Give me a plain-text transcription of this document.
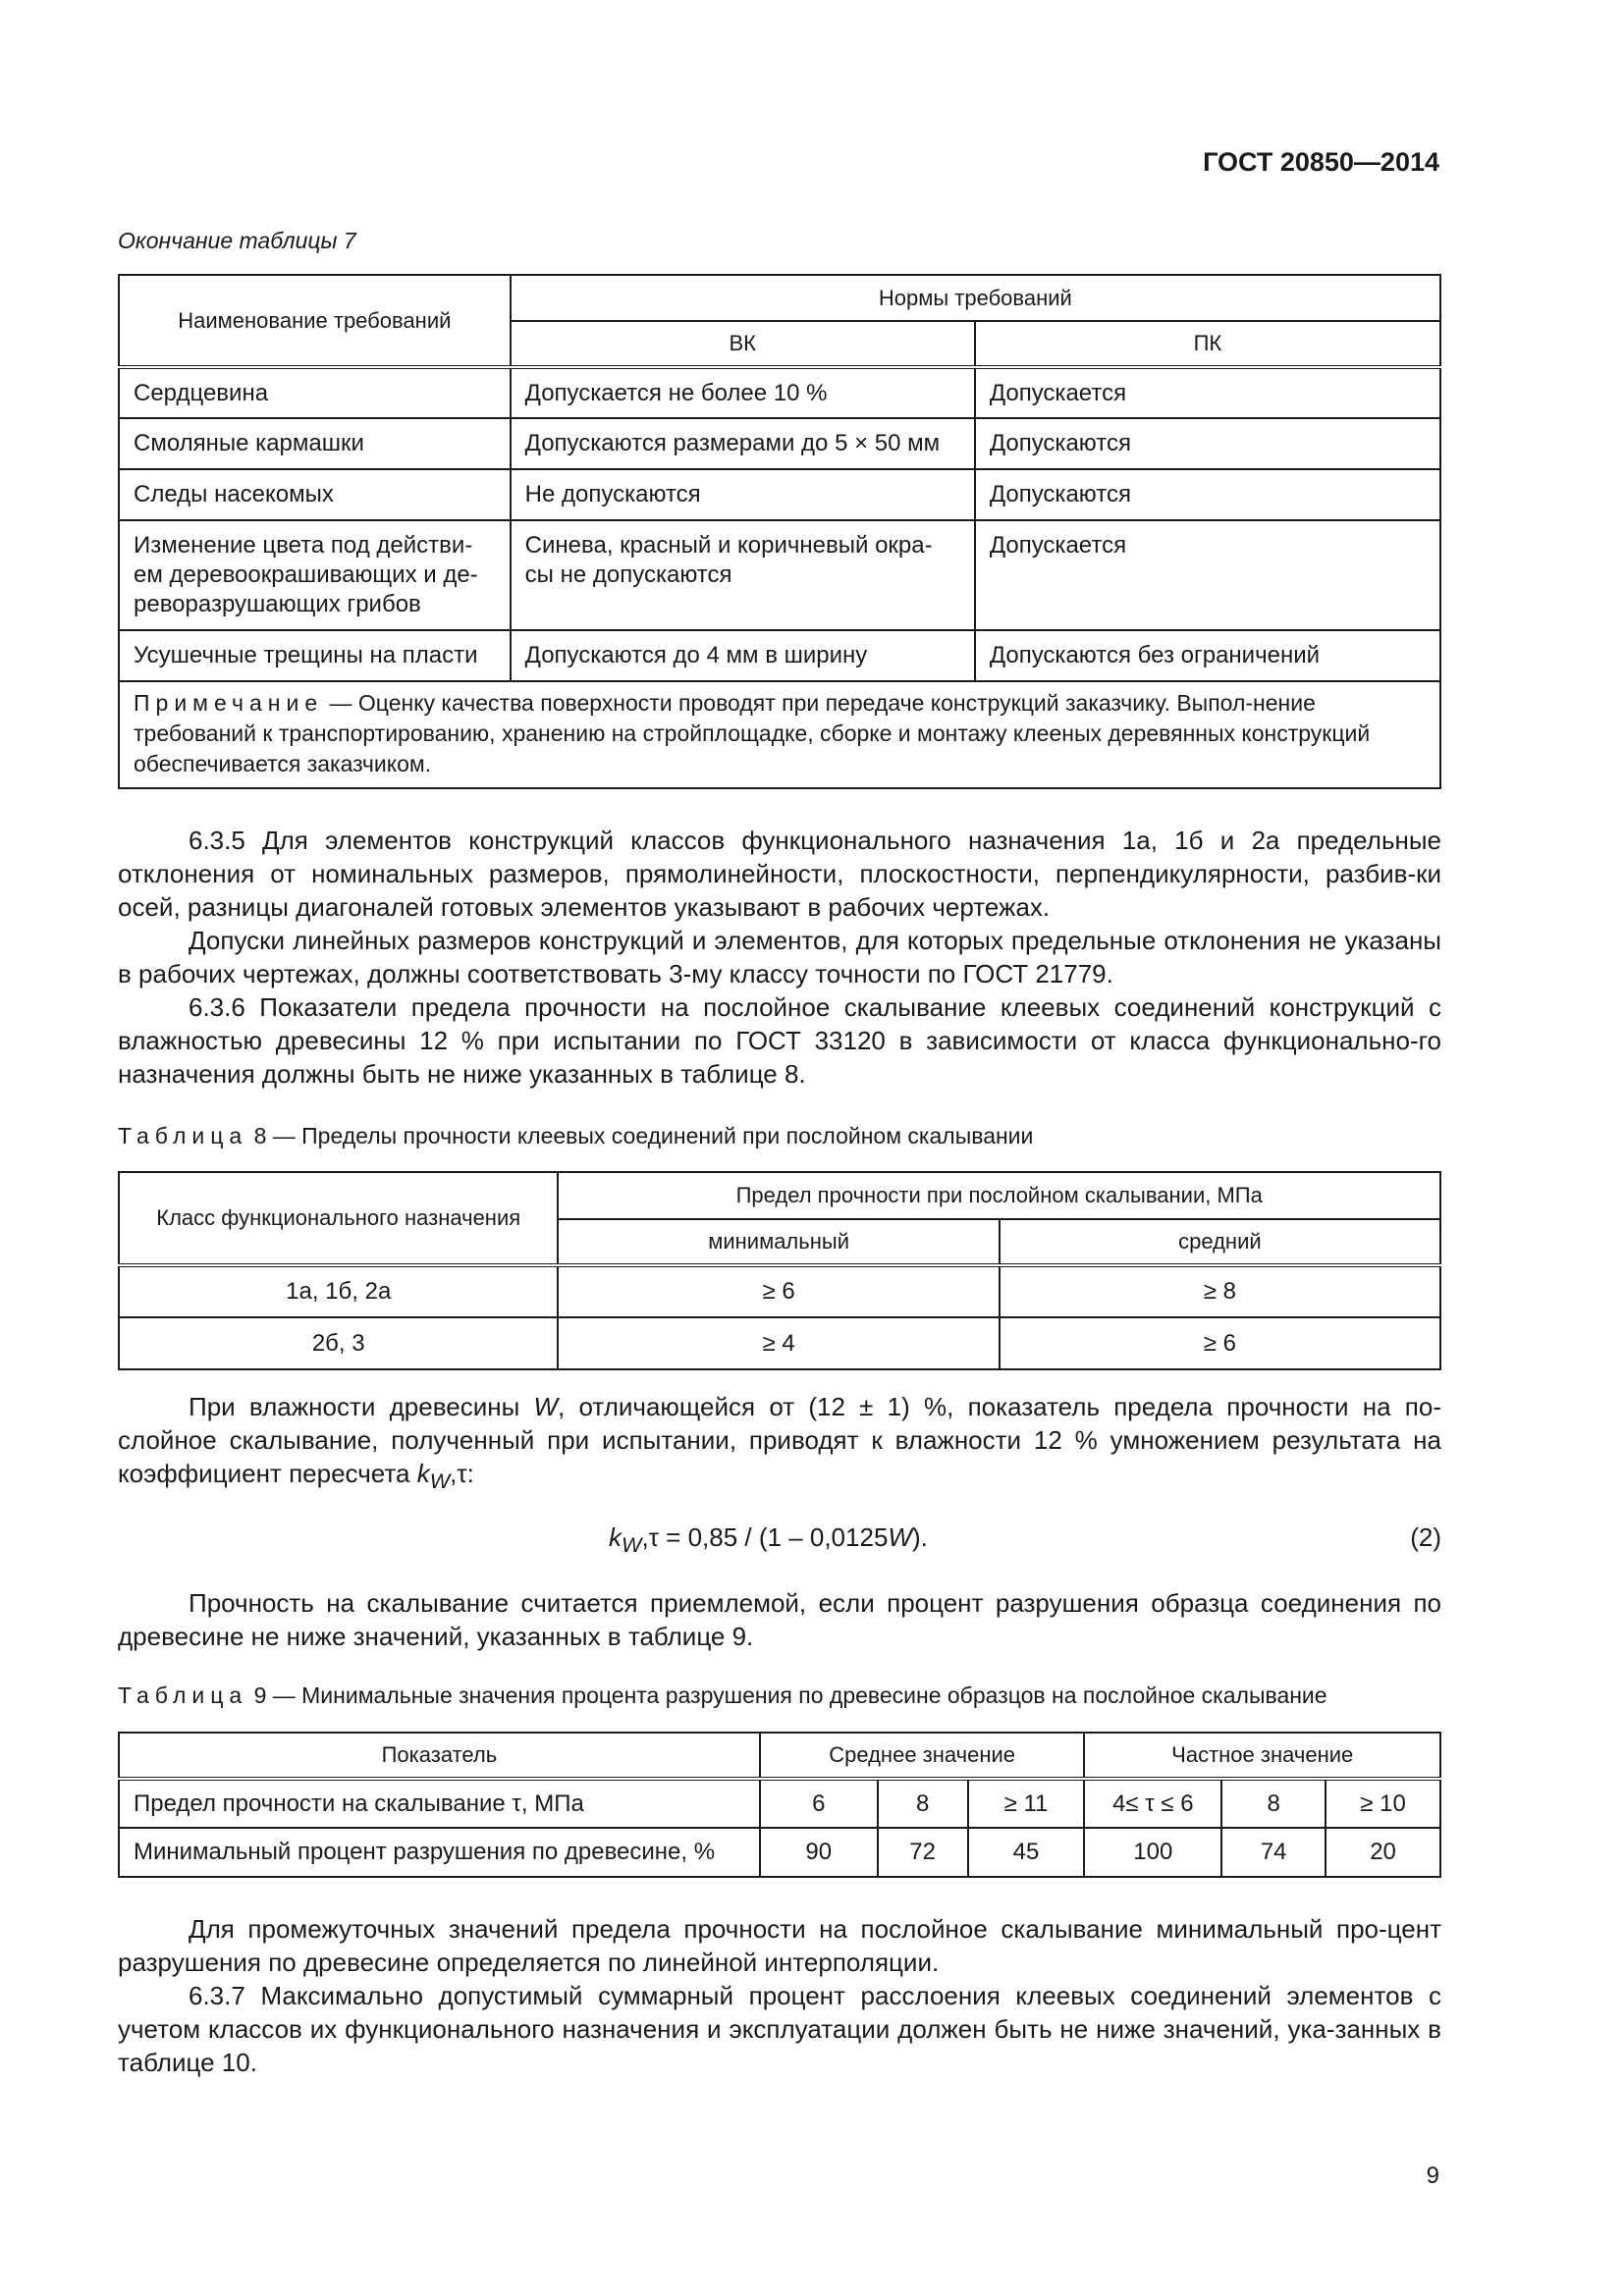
ГОСТ 20850—2014
Окончание таблицы 7
Наименование требований	Нормы требований	
	ВК	ПК
Сердцевина	Допускается не более 10 %	Допускается
Смоляные кармашки	Допускаются размерами до 5 × 50 мм	Допускаются
Следы насекомых	Не допускаются	Допускаются
Изменение цвета под действи-ем деревоокрашивающих и де-реворазрушающих грибов	Синева, красный и коричневый окра-сы не допускаются	Допускается
Усушечные трещины на пласти	Допускаются до 4 мм в ширину	Допускаются без ограничений
Примечание — Оценку качества поверхности проводят при передаче конструкций заказчику. Выпол-нение требований к транспортированию, хранению на стройплощадке, сборке и монтажу клееных деревянных конструкций обеспечивается заказчиком.		

6.3.5 Для элементов конструкций классов функционального назначения 1а, 1б и 2а предельные отклонения от номинальных размеров, прямолинейности, плоскостности, перпендикулярности, разбив-ки осей, разницы диагоналей готовых элементов указывают в рабочих чертежах.

Допуски линейных размеров конструкций и элементов, для которых предельные отклонения не указаны в рабочих чертежах, должны соответствовать 3-му классу точности по ГОСТ 21779.

6.3.6 Показатели предела прочности на послойное скалывание клеевых соединений конструкций с влажностью древесины 12 % при испытании по ГОСТ 33120 в зависимости от класса функционально-го назначения должны быть не ниже указанных в таблице 8.

Таблица 8 — Пределы прочности клеевых соединений при послойном скалывании
Класс функционального назначения	Предел прочности при послойном скалывании, МПа	
	минимальный	средний
1а, 1б, 2а	≥ 6	≥ 8
2б, 3	≥ 4	≥ 6

При влажности древесины W, отличающейся от (12 ± 1) %, показатель предела прочности на по-слойное скалывание, полученный при испытании, приводят к влажности 12 % умножением результата на коэффициент пересчета $k_W,\tau$:

$k_W,\tau = 0,85 / (1 - 0,0125W)$.	(2)

Прочность на скалывание считается приемлемой, если процент разрушения образца соединения по древесине не ниже значений, указанных в таблице 9.

Таблица 9 — Минимальные значения процента разрушения по древесине образцов на послойное скалывание
Показатель	Среднее значение			Частное значение		
Предел прочности на скалывание τ, МПа	6	8	≥ 11	4≤ τ ≤ 6	8	≥ 10
Минимальный процент разрушения по древесине, %	90	72	45	100	74	20

Для промежуточных значений предела прочности на послойное скалывание минимальный про-цент разрушения по древесине определяется по линейной интерполяции.

6.3.7 Максимально допустимый суммарный процент расслоения клеевых соединений элементов с учетом классов их функционального назначения и эксплуатации должен быть не ниже значений, ука-занных в таблице 10.

9
